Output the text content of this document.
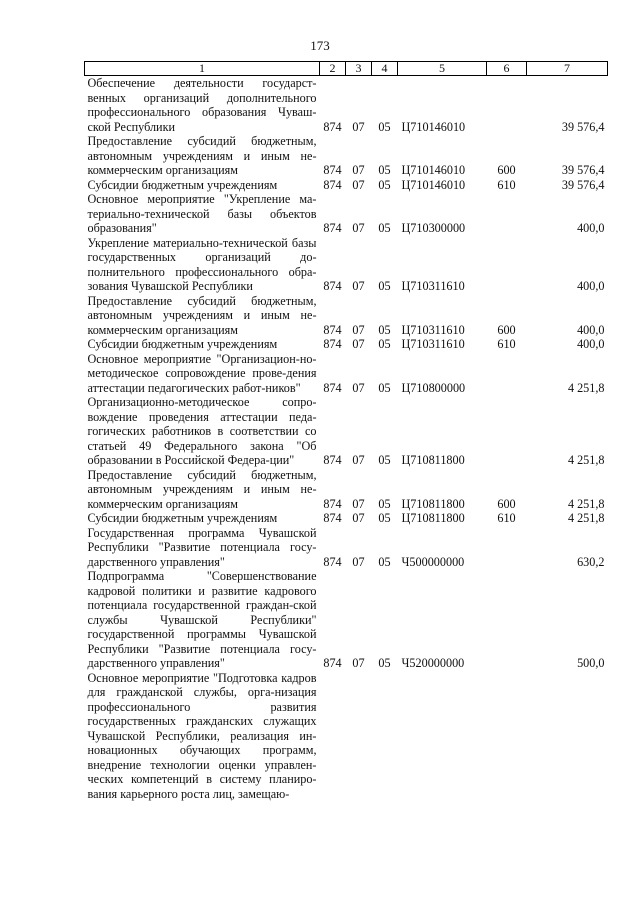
173
1	2	3	4	5	6	7
Обеспечение деятельности государст-венных организаций дополнительного профессионального образования Чуваш-ской Республики	874	07	05	Ц710146010		39 576,4
Предоставление субсидий бюджетным, автономным учреждениям и иным не-коммерческим организациям	874	07	05	Ц710146010	600	39 576,4
Субсидии бюджетным учреждениям	874	07	05	Ц710146010	610	39 576,4
Основное мероприятие "Укрепление ма-териально-технической базы объектов образования"	874	07	05	Ц710300000		400,0
Укрепление материально-технической базы государственных организаций до-полнительного профессионального обра-зования Чувашской Республики	874	07	05	Ц710311610		400,0
Предоставление субсидий бюджетным, автономным учреждениям и иным не-коммерческим организациям	874	07	05	Ц710311610	600	400,0
Субсидии бюджетным учреждениям	874	07	05	Ц710311610	610	400,0
Основное мероприятие "Организацион-но-методическое сопровождение прове-дения аттестации педагогических работ-ников"	874	07	05	Ц710800000		4 251,8
Организационно-методическое сопро-вождение проведения аттестации педа-гогических работников в соответствии со статьей 49 Федерального закона "Об образовании в Российской Федера-ции"	874	07	05	Ц710811800		4 251,8
Предоставление субсидий бюджетным, автономным учреждениям и иным не-коммерческим организациям	874	07	05	Ц710811800	600	4 251,8
Субсидии бюджетным учреждениям	874	07	05	Ц710811800	610	4 251,8
Государственная программа Чувашской Республики "Развитие потенциала госу-дарственного управления"	874	07	05	Ч500000000		630,2
Подпрограмма "Совершенствование кадровой политики и развитие кадрового потенциала государственной граждан-ской службы Чувашской Республики" государственной программы Чувашской Республики "Развитие потенциала госу-дарственного управления"	874	07	05	Ч520000000		500,0
Основное мероприятие "Подготовка кадров для гражданской службы, орга-низация профессионального развития государственных гражданских служащих Чувашской Республики, реализация ин-новационных обучающих программ, внедрение технологии оценки управлен-ческих компетенций в систему планиро-вания карьерного роста лиц, замещаю-						
